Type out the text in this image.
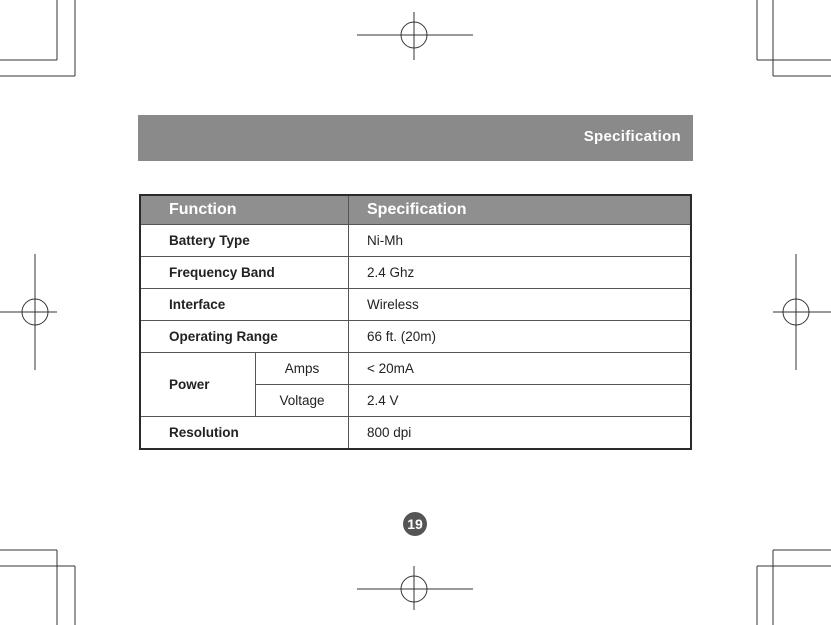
Specification
Function		Specification
Battery Type		Ni-Mh
Frequency Band		2.4 Ghz
Interface		Wireless
Operating Range		66 ft. (20m)
Power	Amps	< 20mA
	Voltage	2.4 V
Resolution		800 dpi
19
